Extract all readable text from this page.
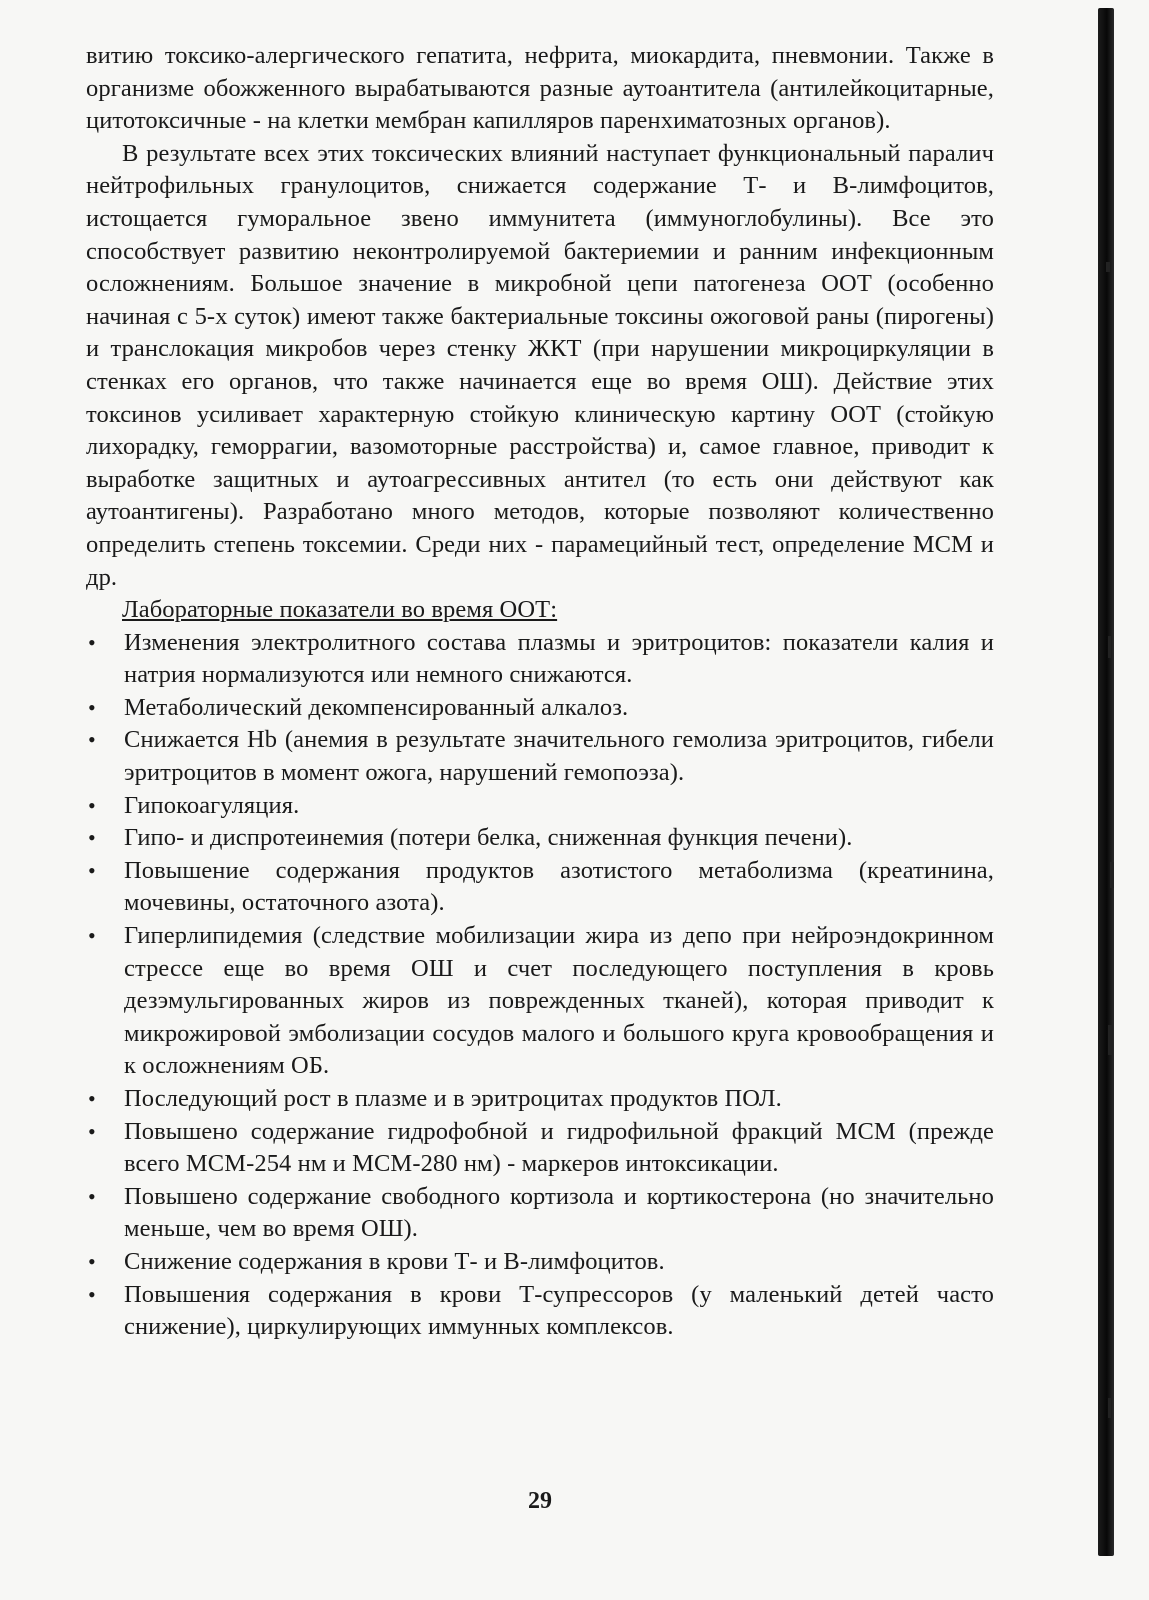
витию токсико-алергического гепатита, нефрита, миокардита, пневмонии. Также в организме обожженного вырабатываются разные аутоантитела (антилейкоцитарные, цитотоксичные - на клетки мембран капилляров паренхиматозных органов).

В результате всех этих токсических влияний наступает функциональный паралич нейтрофильных гранулоцитов, снижается содержание Т- и В-лимфоцитов, истощается гуморальное звено иммунитета (иммуноглобулины). Все это способствует развитию неконтролируемой бактериемии и ранним инфекционным осложнениям. Большое значение в микробной цепи патогенеза ООТ (особенно начиная с 5-х суток) имеют также бактериальные токсины ожоговой раны (пирогены) и транслокация микробов через стенку ЖКТ (при нарушении микроциркуляции в стенках его органов, что также начинается еще во время ОШ). Действие этих токсинов усиливает характерную стойкую клиническую картину ООТ (стойкую лихорадку, геморрагии, вазомоторные расстройства) и, самое главное, приводит к выработке защитных и аутоагрессивных антител (то есть они действуют как аутоантигены). Разработано много методов, которые позволяют количественно определить степень токсемии. Среди них - парамецийный тест, определение МСМ и др.

Лабораторные показатели во время ООТ:

• Изменения электролитного состава плазмы и эритроцитов: показатели калия и натрия нормализуются или немного снижаются.
• Метаболический декомпенсированный алкалоз.
• Снижается Hb (анемия в результате значительного гемолиза эритроцитов, гибели эритроцитов в момент ожога, нарушений гемопоэза).
• Гипокоагуляция.
• Гипо- и диспротеинемия (потери белка, сниженная функция печени).
• Повышение содержания продуктов азотистого метаболизма (креатинина, мочевины, остаточного азота).
• Гиперлипидемия (следствие мобилизации жира из депо при нейроэндокринном стрессе еще во время ОШ и счет последующего поступления в кровь дезэмульгированных жиров из поврежденных тканей), которая приводит к микрожировой эмболизации сосудов малого и большого круга кровообращения и к осложнениям ОБ.
• Последующий рост в плазме и в эритроцитах продуктов ПОЛ.
• Повышено содержание гидрофобной и гидрофильной фракций МСМ (прежде всего МСМ-254 нм и МСМ-280 нм) - маркеров интоксикации.
• Повышено содержание свободного кортизола и кортикостерона (но значительно меньше, чем во время ОШ).
• Снижение содержания в крови Т- и В-лимфоцитов.
• Повышения содержания в крови Т-супрессоров (у маленький детей часто снижение), циркулирующих иммунных комплексов.
29
